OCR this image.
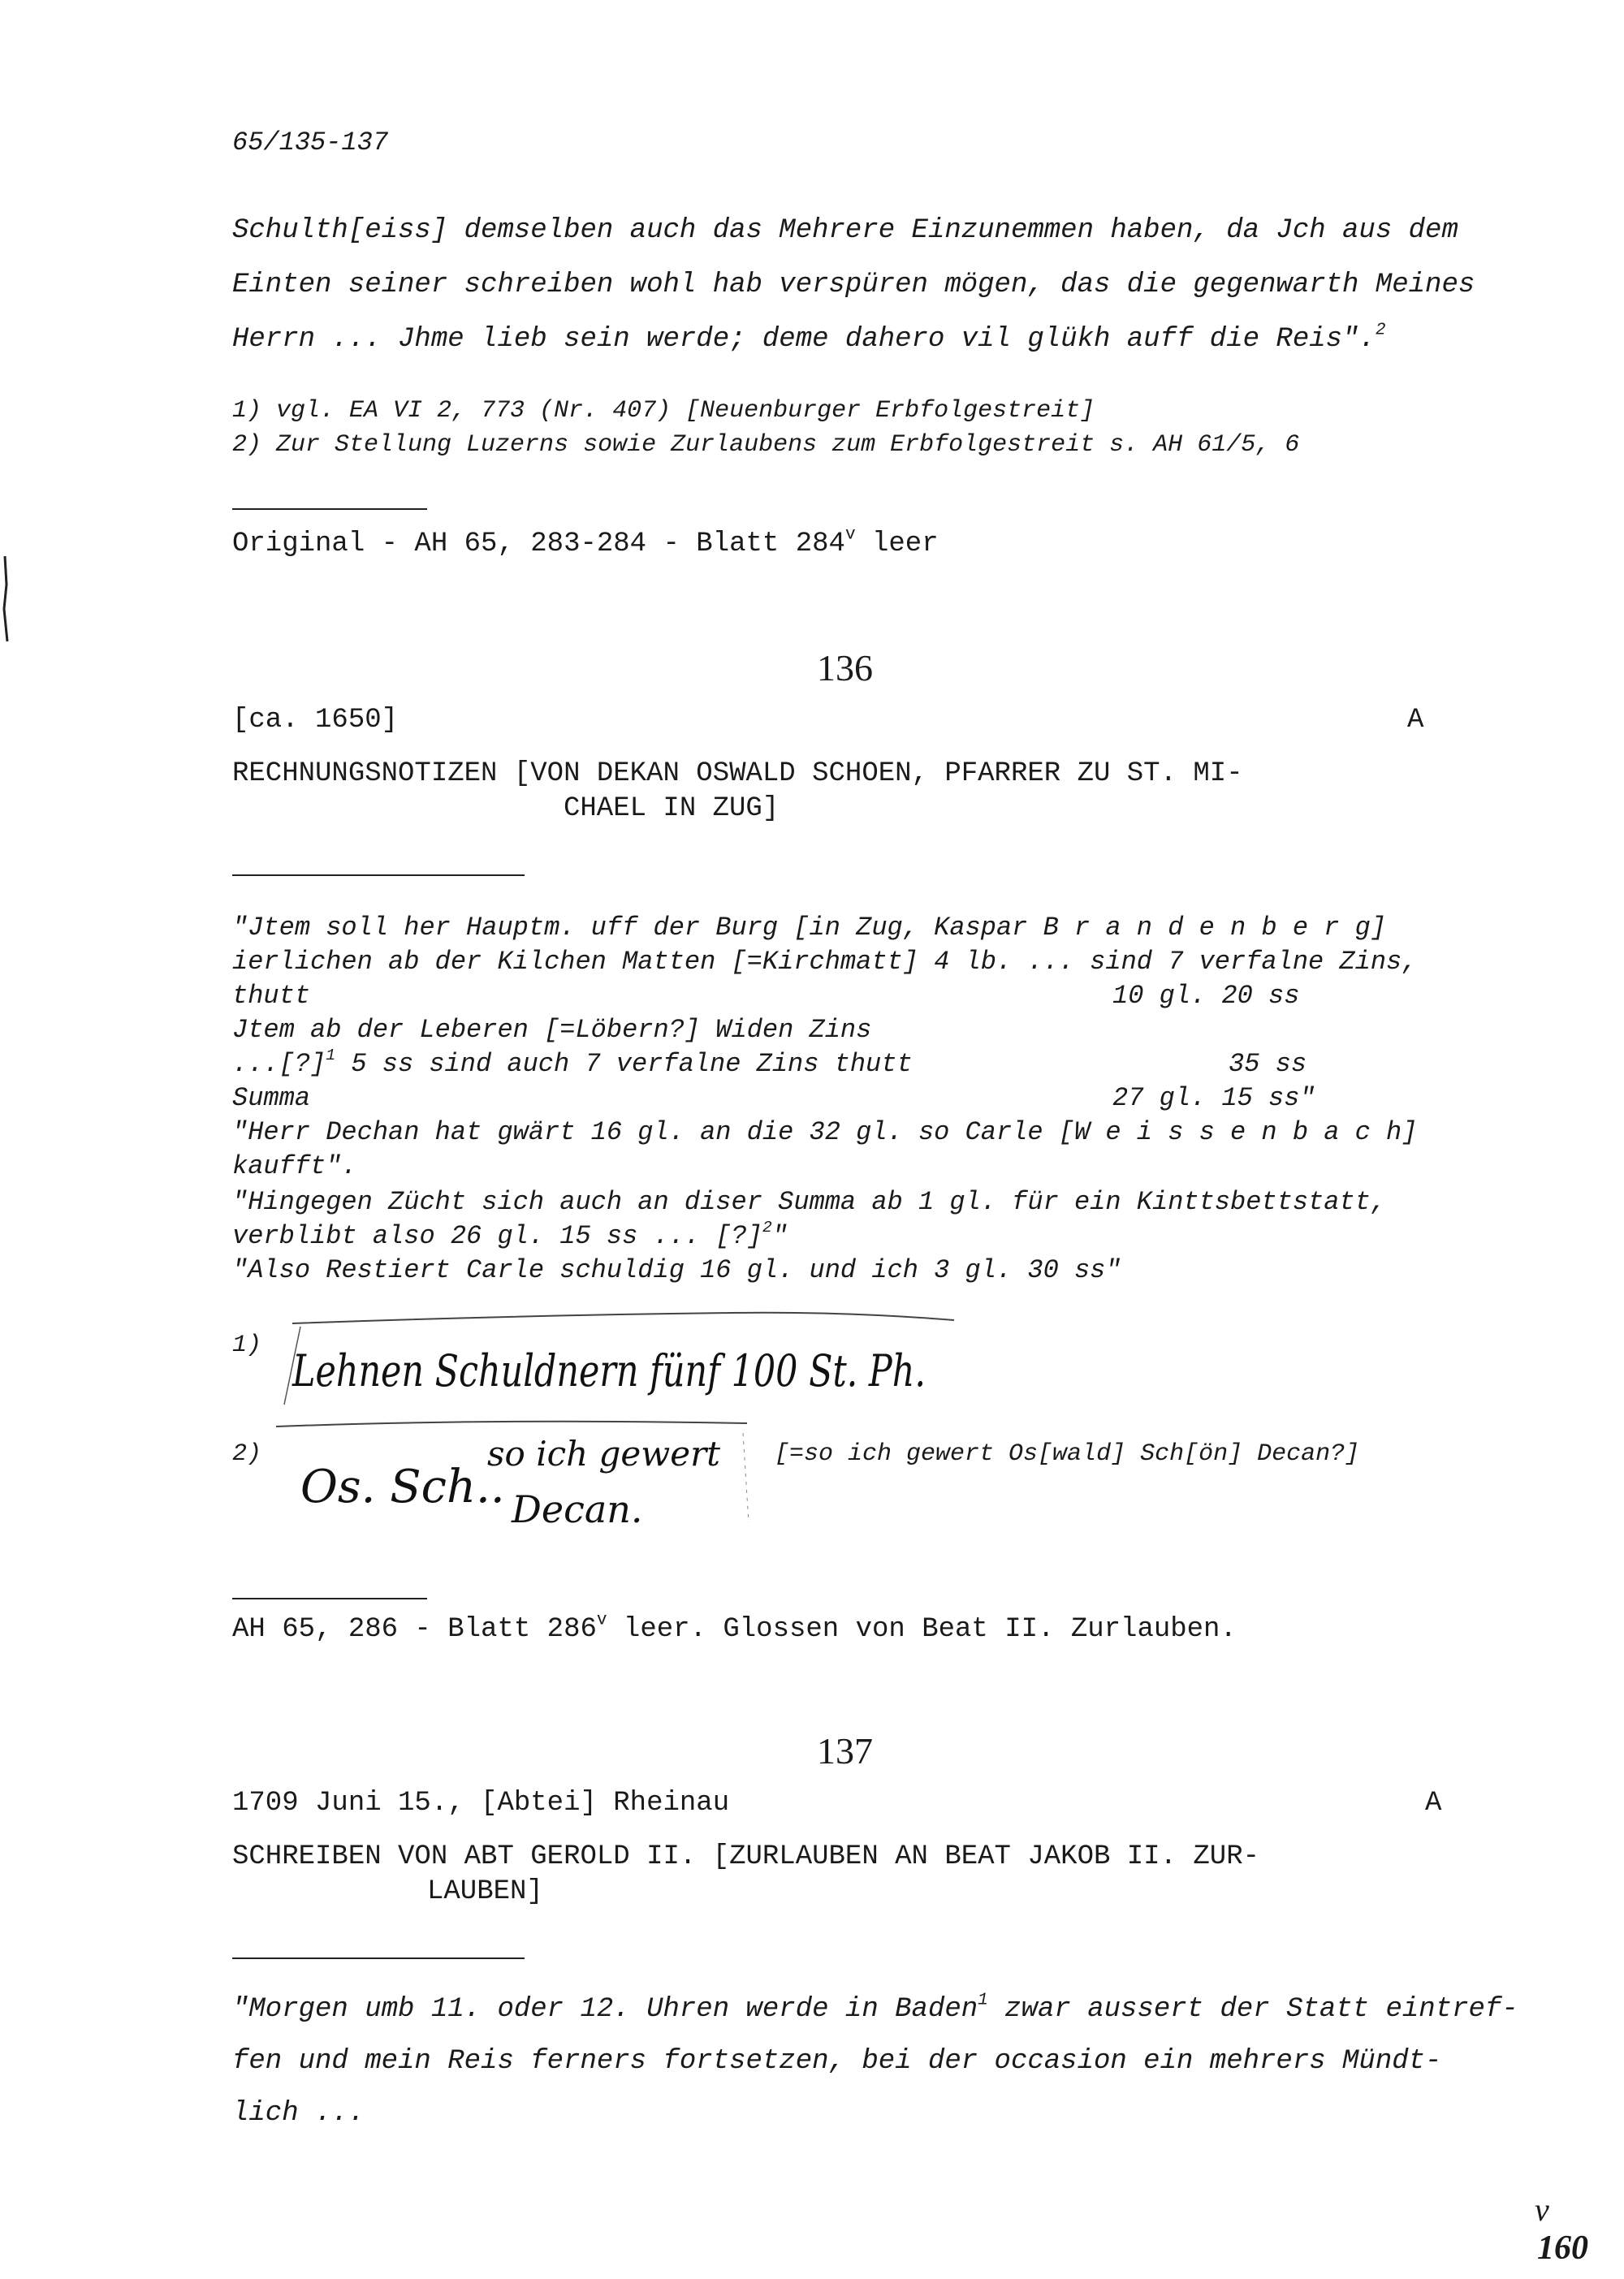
65/135-137
Schulth[eiss] demselben auch das Mehrere Einzunemmen haben, da Jch aus dem
Einten seiner schreiben wohl hab verspüren mögen, das die gegenwarth Meines
Herrn ... Jhme lieb sein werde; deme dahero vil glükh auff die Reis".$^2$
1) vgl. EA VI 2, 773 (Nr. 407) [Neuenburger Erbfolgestreit]
2) Zur Stellung Luzerns sowie Zurlaubens zum Erbfolgestreit s. AH 61/5, 6
Original - AH 65, 283-284 - Blatt 284$^v$ leer
136
[ca. 1650]	A
RECHNUNGSNOTIZEN [VON DEKAN OSWALD SCHOEN, PFARRER ZU ST. MI-
CHAEL IN ZUG]
"Jtem soll her Hauptm. uff der Burg [in Zug, Kaspar B r a n d e n b e r g]
ierlichen ab der Kilchen Matten [=Kirchmatt] 4 lb. ... sind 7 verfalne Zins,
thutt	10 gl. 20 ss
Jtem ab der Leberen [=Löbern?] Widen Zins
...[?]$^1$ 5 ss sind auch 7 verfalne Zins thutt	35 ss
Summa	27 gl. 15 ss"
"Herr Dechan hat gwärt 16 gl. an die 32 gl. so Carle [W e i s s e n b a c h]
kaufft".
"Hingegen Zücht sich auch an diser Summa ab 1 gl. für ein Kinttsbettstatt,
verblibt also 26 gl. 15 ss ... [?]$^2$"
"Also Restiert Carle schuldig 16 gl. und ich 3 gl. 30 ss"
1) Lehnen Schuldnern fünf 100 St. Ph.
2)
Os. Sch..
so ich gewert
Decan.
[=so ich gewert Os[wald] Sch[ön] Decan?]
AH 65, 286 - Blatt 286$^v$ leer. Glossen von Beat II. Zurlauben.
137
1709 Juni 15., [Abtei] Rheinau	A
SCHREIBEN VON ABT GEROLD II. [ZURLAUBEN AN BEAT JAKOB II. ZUR-
LAUBEN]
"Morgen umb 11. oder 12. Uhren werde in Baden$^1$ zwar aussert der Statt eintref-
fen und mein Reis ferners fortsetzen, bei der occasion ein mehrers Mündt-
lich ...
v
160
